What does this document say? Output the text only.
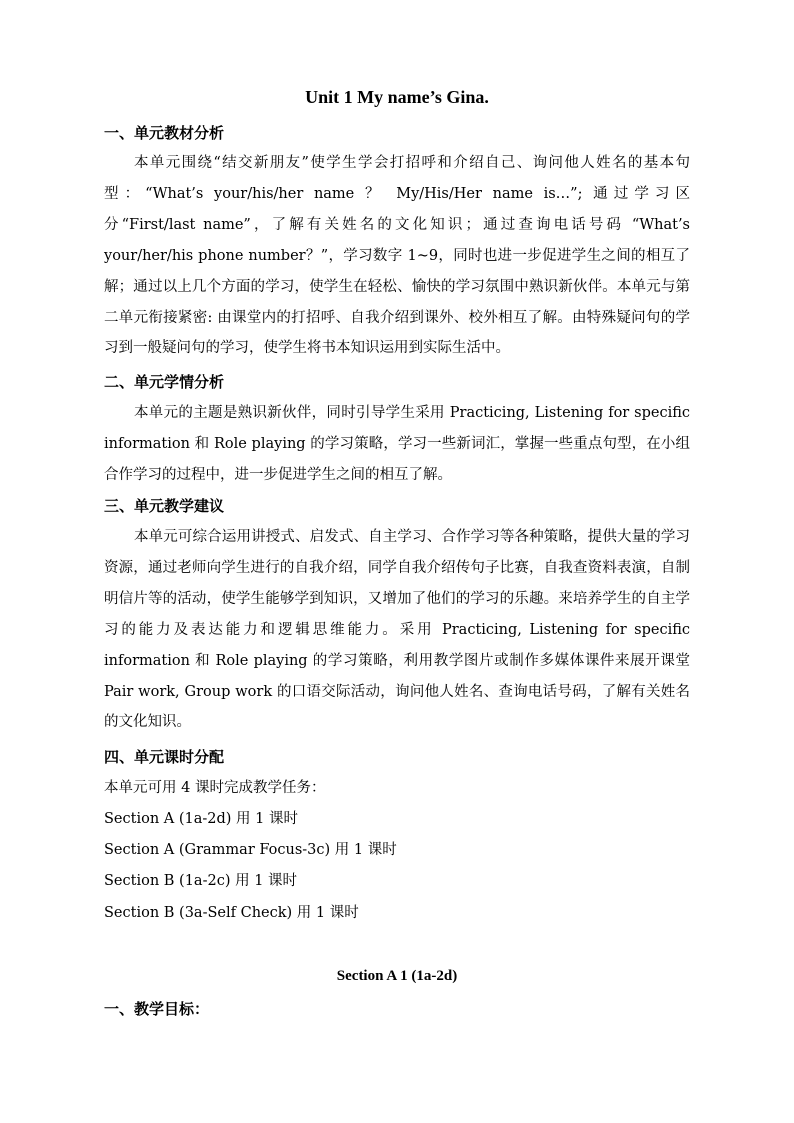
Unit 1 My name’s Gina.
一、单元教材分析
本单元围绕“结交新朋友”使学生学会打招呼和介绍自己、询问他人姓名的基本句型：“What’s your/his/her name ？ My/His/Her name is…”; 通过学习区分“First/last name”，了解有关姓名的文化知识；通过查询电话号码 “What’s your/her/his phone number？”，学习数字 1~9，同时也进一步促进学生之间的相互了解；通过以上几个方面的学习，使学生在轻松、愉快的学习氛围中熟识新伙伴。本单元与第二单元衔接紧密: 由课堂内的打招呼、自我介绍到课外、校外相互了解。由特殊疑问句的学习到一般疑问句的学习，使学生将书本知识运用到实际生活中。
二、单元学情分析
本单元的主题是熟识新伙伴，同时引导学生采用 Practicing, Listening for specific information 和 Role playing 的学习策略，学习一些新词汇，掌握一些重点句型，在小组合作学习的过程中，进一步促进学生之间的相互了解。
三、单元教学建议
本单元可综合运用讲授式、启发式、自主学习、合作学习等各种策略，提供大量的学习资源，通过老师向学生进行的自我介绍，同学自我介绍传句子比赛，自我查资料表演，自制明信片等的活动，使学生能够学到知识，又增加了他们的学习的乐趣。来培养学生的自主学习的能力及表达能力和逻辑思维能力。采用 Practicing, Listening for specific information 和 Role playing 的学习策略，利用教学图片或制作多媒体课件来展开课堂 Pair work, Group work 的口语交际活动，询问他人姓名、查询电话号码，了解有关姓名的文化知识。
四、单元课时分配
本单元可用 4 课时完成教学任务：
Section A (1a-2d) 用 1 课时
Section A (Grammar Focus-3c) 用 1 课时
Section B (1a-2c) 用 1 课时
Section B (3a-Self Check) 用 1 课时
Section A 1 (1a-2d)
一、教学目标：
